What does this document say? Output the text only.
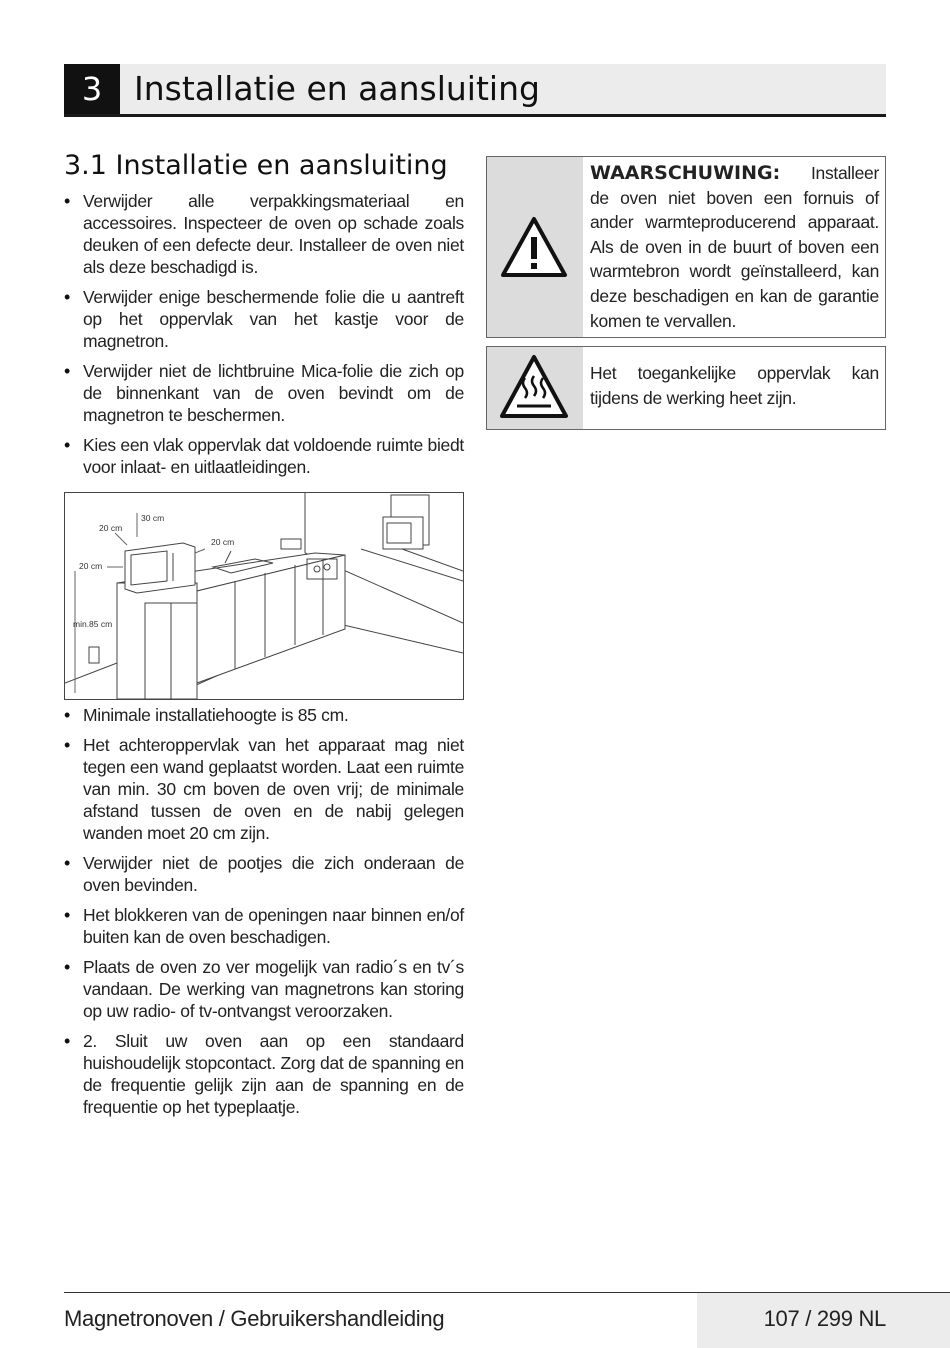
3 Installatie en aansluiting
3.1 Installatie en aansluiting
• Verwijder alle verpakkingsmateriaal en accessoires. Inspecteer de oven op schade zoals deuken of een defecte deur. Installeer de oven niet als deze beschadigd is.
• Verwijder enige beschermende folie die u aantreft op het oppervlak van het kastje voor de magnetron.
• Verwijder niet de lichtbruine Mica-folie die zich op de binnenkant van de oven bevindt om de magnetron te beschermen.
• Kies een vlak oppervlak dat voldoende ruimte biedt voor inlaat- en uitlaatleidingen.
30 cm
20 cm
20 cm
20 cm
min.85 cm
• Minimale installatiehoogte is 85 cm.
• Het achteroppervlak van het apparaat mag niet tegen een wand geplaatst worden. Laat een ruimte van min. 30 cm boven de oven vrij; de minimale afstand tussen de oven en de nabij gelegen wanden moet 20 cm zijn.
• Verwijder niet de pootjes die zich onderaan de oven bevinden.
• Het blokkeren van de openingen naar binnen en/of buiten kan de oven beschadigen.
• Plaats de oven zo ver mogelijk van radio´s en tv´s vandaan. De werking van magnetrons kan storing op uw radio- of tv-ontvangst veroorzaken.
• 2. Sluit uw oven aan op een standaard huishoudelijk stopcontact. Zorg dat de spanning en de frequentie gelijk zijn aan de spanning en de frequentie op het typeplaatje.
WAARSCHUWING: Installeer de oven niet boven een fornuis of ander warmteproducerend apparaat. Als de oven in de buurt of boven een warmtebron wordt geïnstalleerd, kan deze beschadigen en kan de garantie komen te vervallen.
Het toegankelijke oppervlak kan tijdens de werking heet zijn.
Magnetronoven / Gebruikershandleiding	107 / 299 NL
